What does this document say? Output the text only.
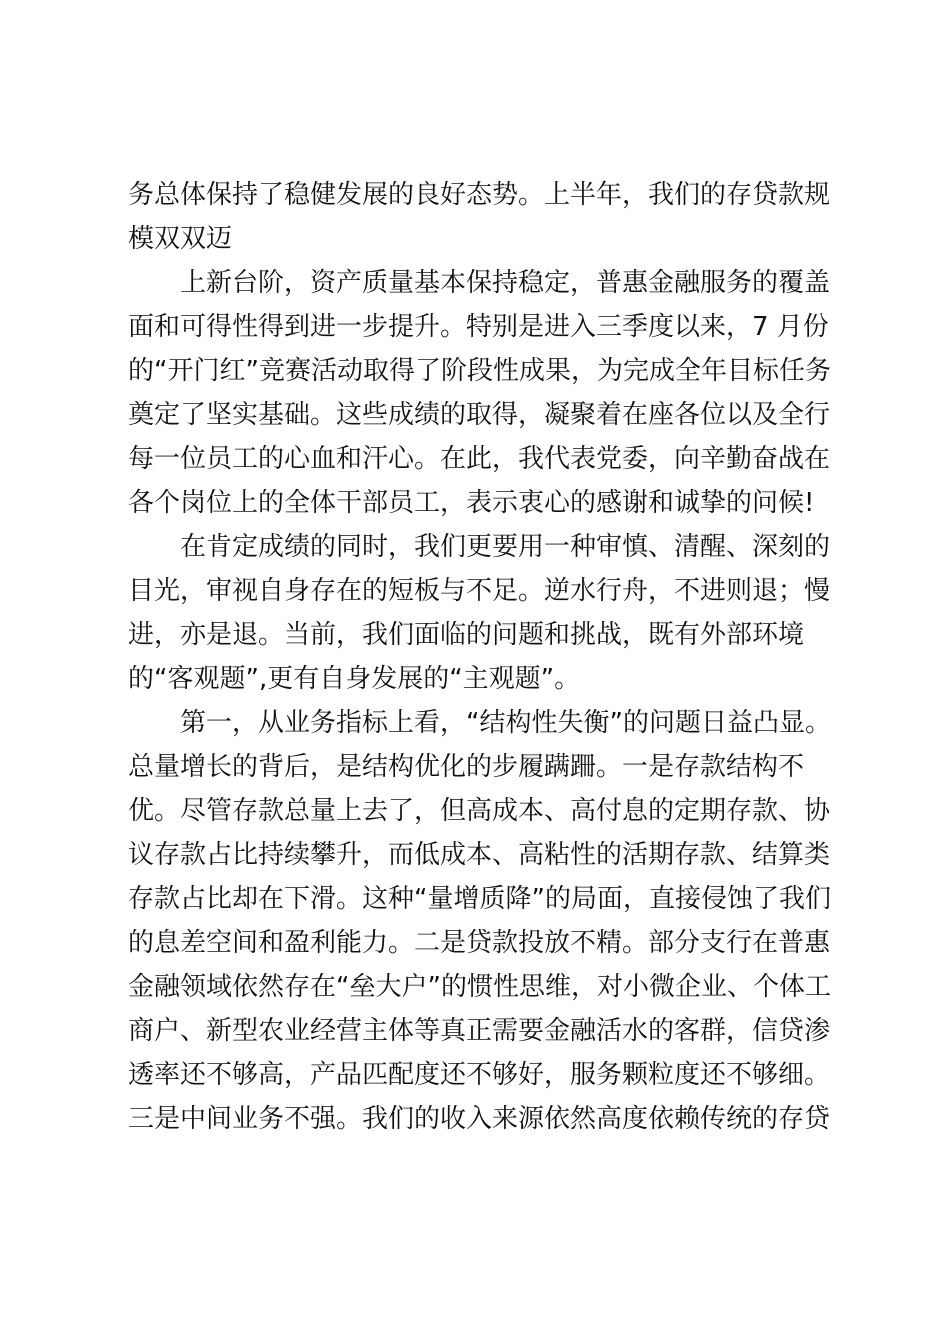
务总体保持了稳健发展的良好态势。上半年，我们的存贷款规
模双双迈
上新台阶，资产质量基本保持稳定，普惠金融服务的覆盖
面和可得性得到进一步提升。特别是进入三季度以来，7 月份
的“开门红”竞赛活动取得了阶段性成果，为完成全年目标任务
奠定了坚实基础。这些成绩的取得，凝聚着在座各位以及全行
每一位员工的心血和汗心。在此，我代表党委，向辛勤奋战在
各个岗位上的全体干部员工，表示衷心的感谢和诚挚的问候!
在肯定成绩的同时，我们更要用一种审慎、清醒、深刻的
目光，审视自身存在的短板与不足。逆水行舟，不进则退；慢
进，亦是退。当前，我们面临的问题和挑战，既有外部环境
的“客观题”,更有自身发展的“主观题”。
第一，从业务指标上看，“结构性失衡”的问题日益凸显。
总量增长的背后，是结构优化的步履蹒跚。一是存款结构不
优。尽管存款总量上去了，但高成本、高付息的定期存款、协
议存款占比持续攀升，而低成本、高粘性的活期存款、结算类
存款占比却在下滑。这种“量增质降”的局面，直接侵蚀了我们
的息差空间和盈利能力。二是贷款投放不精。部分支行在普惠
金融领域依然存在“垒大户”的惯性思维，对小微企业、个体工
商户、新型农业经营主体等真正需要金融活水的客群，信贷渗
透率还不够高，产品匹配度还不够好，服务颗粒度还不够细。
三是中间业务不强。我们的收入来源依然高度依赖传统的存贷
